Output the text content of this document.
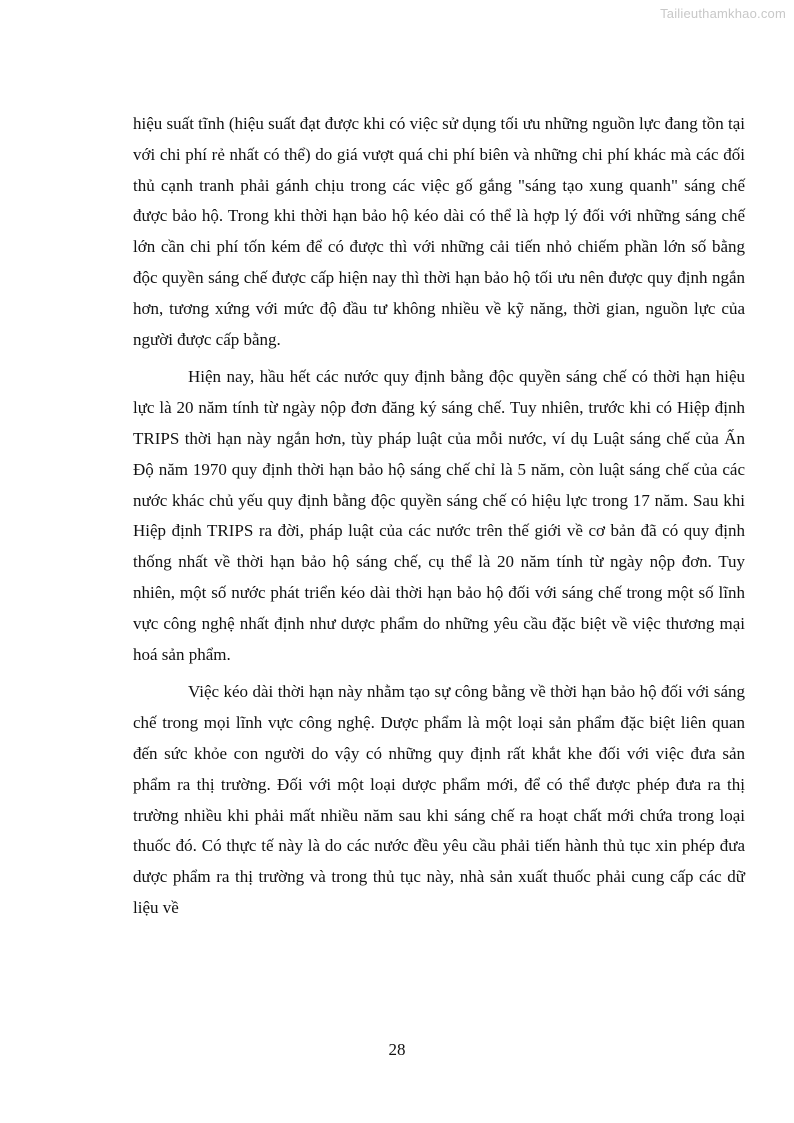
Tailieuthamkhao.com

hiệu suất tĩnh (hiệu suất đạt được khi có việc sử dụng tối ưu những nguồn lực đang tồn tại với chi phí rẻ nhất có thể) do giá vượt quá chi phí biên và những chi phí khác mà các đối thủ cạnh tranh phải gánh chịu trong các việc gố gắng "sáng tạo xung quanh" sáng chế được bảo hộ. Trong khi thời hạn bảo hộ kéo dài có thể là hợp lý đối với những sáng chế lớn cần chi phí tốn kém để có được thì với những cải tiến nhỏ chiếm phần lớn số bằng độc quyền sáng chế được cấp hiện nay thì thời hạn bảo hộ tối ưu nên được quy định ngắn hơn, tương xứng với mức độ đầu tư không nhiều về kỹ năng, thời gian, nguồn lực của người được cấp bằng.

Hiện nay, hầu hết các nước quy định bằng độc quyền sáng chế có thời hạn hiệu lực là 20 năm tính từ ngày nộp đơn đăng ký sáng chế. Tuy nhiên, trước khi có Hiệp định TRIPS thời hạn này ngắn hơn, tùy pháp luật của mỗi nước, ví dụ Luật sáng chế của Ấn Độ năm 1970 quy định thời hạn bảo hộ sáng chế chỉ là 5 năm, còn luật sáng chế của các nước khác chủ yếu quy định bằng độc quyền sáng chế có hiệu lực trong 17 năm. Sau khi Hiệp định TRIPS ra đời, pháp luật của các nước trên thế giới về cơ bản đã có quy định thống nhất về thời hạn bảo hộ sáng chế, cụ thể là 20 năm tính từ ngày nộp đơn. Tuy nhiên, một số nước phát triển kéo dài thời hạn bảo hộ đối với sáng chế trong một số lĩnh vực công nghệ nhất định như dược phẩm do những yêu cầu đặc biệt về việc thương mại hoá sản phẩm.

Việc kéo dài thời hạn này nhằm tạo sự công bằng về thời hạn bảo hộ đối với sáng chế trong mọi lĩnh vực công nghệ. Dược phẩm là một loại sản phẩm đặc biệt liên quan đến sức khỏe con người do vậy có những quy định rất khắt khe đối với việc đưa sản phẩm ra thị trường. Đối với một loại dược phẩm mới, để có thể được phép đưa ra thị trường nhiều khi phải mất nhiều năm sau khi sáng chế ra hoạt chất mới chứa trong loại thuốc đó. Có thực tế này là do các nước đều yêu cầu phải tiến hành thủ tục xin phép đưa dược phẩm ra thị trường và trong thủ tục này, nhà sản xuất thuốc phải cung cấp các dữ liệu về

28
